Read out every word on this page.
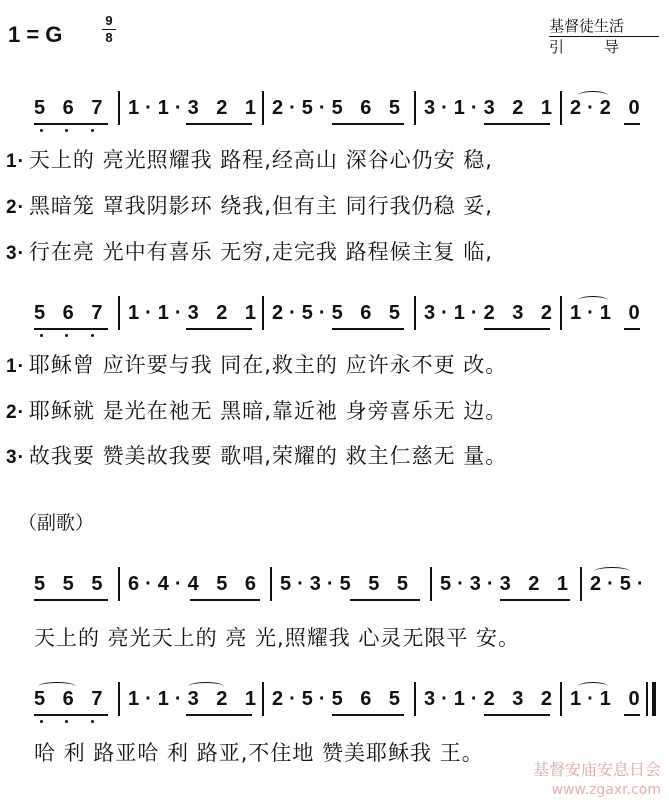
1 = G
9
8
基督徒生活
引导
5 6 7 1·1·3 2 1 2·5·5 6 5 3·1·3 2 1 2·2 0
1· 天上的 亮光照耀我 路程,经高山 深谷心仍安 稳,
2· 黑暗笼 罩我阴影环 绕我,但有主 同行我仍稳 妥,
3· 行在亮 光中有喜乐 无穷,走完我 路程候主复 临,
5 6 7 1·1·3 2 1 2·5·5 6 5 3·1·2 3 2 1·1 0
1· 耶稣曾 应许要与我 同在,救主的 应许永不更 改。
2· 耶稣就 是光在祂无 黑暗,靠近祂 身旁喜乐无 边。
3· 故我要 赞美故我要 歌唱,荣耀的 救主仁慈无 量。
（副歌）
5 5 5 6·4·4 5 6 5·3·5 5 5 5·3·3 2 1 2·5·
天上的 亮光天上的 亮 光,照耀我 心灵无限平 安。
5 6 7 1·1·3 2 1 2·5·5 6 5 3·1·2 3 2 1·1 0
哈 利 路亚哈 利 路亚,不住地 赞美耶稣我 王。
基督安庙安息日会
www.zgaxr.com
